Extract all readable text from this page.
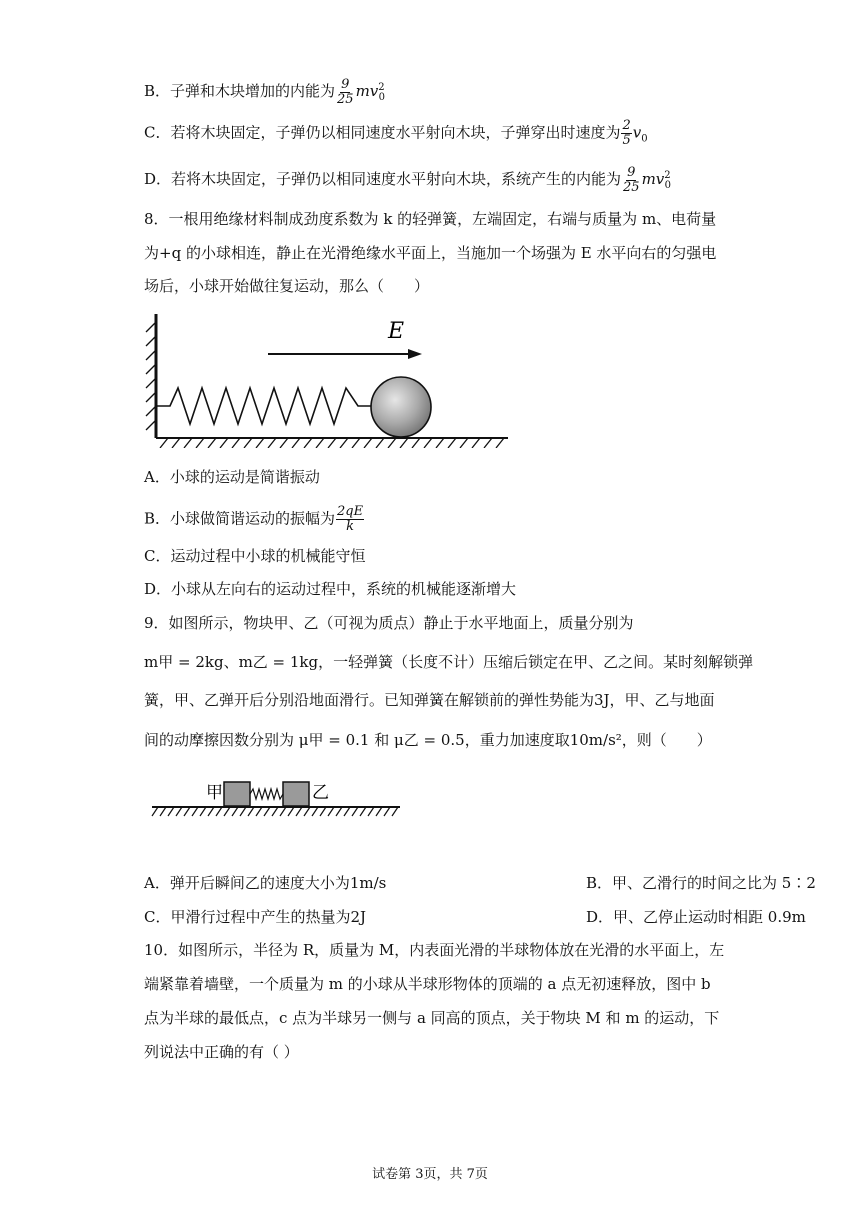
B．子弹和木块增加的内能为 $\frac{9}{25} mv^2_0$
C．若将木块固定，子弹仍以相同速度水平射向木块，子弹穿出时速度为 $\frac{2}{5} v_0$
D．若将木块固定，子弹仍以相同速度水平射向木块，系统产生的内能为 $\frac{9}{25} mv^2_0$
8．一根用绝缘材料制成劲度系数为 k 的轻弹簧，左端固定，右端与质量为 m、电荷量
为+q 的小球相连，静止在光滑绝缘水平面上，当施加一个场强为 E 水平向右的匀强电
场后，小球开始做往复运动，那么（　　）
E
A．小球的运动是简谐振动
B．小球做简谐运动的振幅为 $\frac{2qE}{k}$
C．运动过程中小球的机械能守恒
D．小球从左向右的运动过程中，系统的机械能逐渐增大
9．如图所示，物块甲、乙（可视为质点）静止于水平地面上，质量分别为
m甲 = 2kg、m乙 = 1kg，一轻弹簧（长度不计）压缩后锁定在甲、乙之间。某时刻解锁弹
簧，甲、乙弹开后分别沿地面滑行。已知弹簧在解锁前的弹性势能为3J，甲、乙与地面
间的动摩擦因数分别为 μ甲 = 0.1 和 μ乙 = 0.5，重力加速度取10m/s²，则（　　）
甲	乙
A．弹开后瞬间乙的速度大小为1m/s	B．甲、乙滑行的时间之比为 5∶2
C．甲滑行过程中产生的热量为2J	D．甲、乙停止运动时相距 0.9m
10．如图所示，半径为 R，质量为 M，内表面光滑的半球物体放在光滑的水平面上，左
端紧靠着墙壁，一个质量为 m 的小球从半球形物体的顶端的 a 点无初速释放，图中 b
点为半球的最低点，c 点为半球另一侧与 a 同高的顶点，关于物块 M 和 m 的运动，下
列说法中正确的有（ ）
试卷第 3页，共 7页
